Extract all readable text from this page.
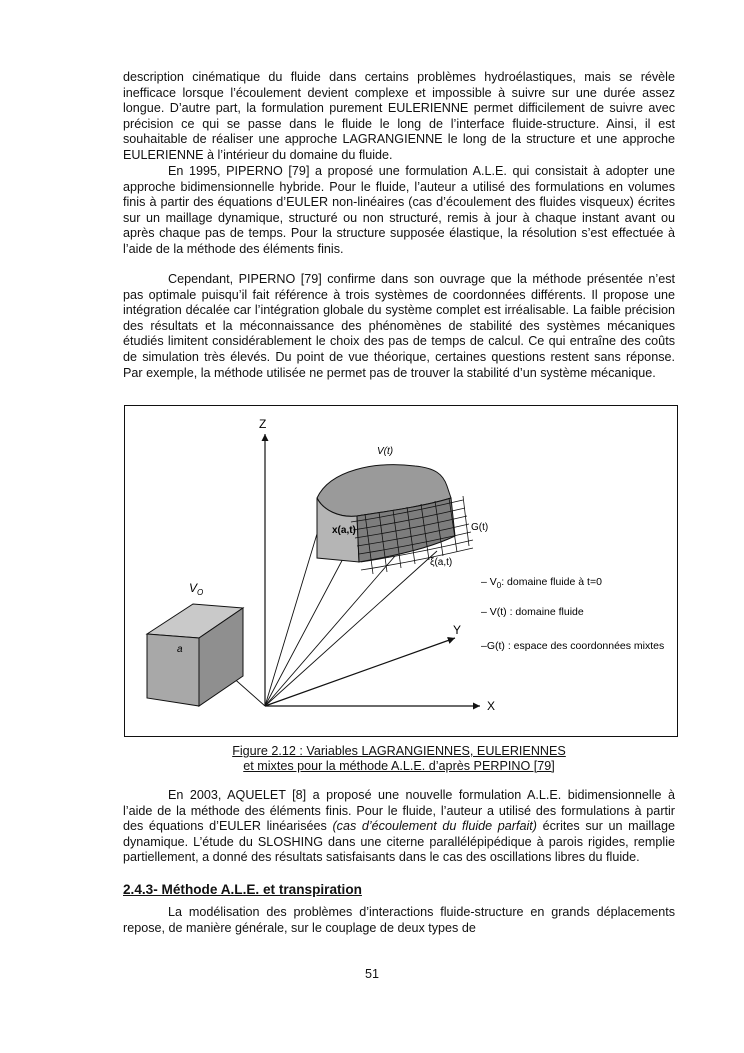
description cinématique du fluide dans certains problèmes hydroélastiques, mais se révèle inefficace lorsque l’écoulement devient complexe et impossible à suivre sur une durée assez longue. D’autre part, la formulation purement EULERIENNE permet difficilement de suivre avec précision ce qui se passe dans le fluide le long de l’interface fluide-structure. Ainsi, il est souhaitable de réaliser une approche LAGRANGIENNE le long de la structure et une approche EULERIENNE à l’intérieur du domaine du fluide.

En 1995, PIPERNO [79] a proposé une formulation A.L.E. qui consistait à adopter une approche bidimensionnelle hybride. Pour le fluide, l’auteur a utilisé des formulations en volumes finis à partir des équations d’EULER non-linéaires (cas d’écoulement des fluides visqueux) écrites sur un maillage dynamique, structuré ou non structuré, remis à jour à chaque instant avant ou après chaque pas de temps. Pour la structure supposée élastique, la résolution s’est effectuée à l’aide de la méthode des éléments finis.

Cependant, PIPERNO [79] confirme dans son ouvrage que la méthode présentée n’est pas optimale puisqu’il fait référence à trois systèmes de coordonnées différents. Il propose une intégration décalée car l’intégration globale du système complet est irréalisable. La faible précision des résultats et la méconnaissance des phénomènes de stabilité des systèmes mécaniques étudiés limitent considérablement le choix des pas de temps de calcul. Ce qui entraîne des coûts de simulation très élevés. Du point de vue théorique, certaines questions restent sans réponse. Par exemple, la méthode utilisée ne permet pas de trouver la stabilité d’un système mécanique.

Z
Y
X
V(t)
x(a,t)	G(t)
ξ(a,t)
$V_O$
a
– $V_0$: domaine fluide à t=0
– V(t) : domaine fluide
–G(t) : espace des coordonnées mixtes
Figure 2.12 : Variables LAGRANGIENNES, EULERIENNES
et mixtes pour la méthode A.L.E. d’après PERPINO [79]

En 2003, AQUELET [8] a proposé une nouvelle formulation A.L.E. bidimensionnelle à l’aide de la méthode des éléments finis. Pour le fluide, l’auteur a utilisé des formulations à partir des équations d’EULER linéarisées (cas d’écoulement du fluide parfait) écrites sur un maillage dynamique. L’étude du SLOSHING dans une citerne parallélépipédique à parois rigides, remplie partiellement, a donné des résultats satisfaisants dans le cas des oscillations libres du fluide.

2.4.3- Méthode A.L.E. et transpiration

La modélisation des problèmes d’interactions fluide-structure en grands déplacements repose, de manière générale, sur le couplage de deux types de

51
